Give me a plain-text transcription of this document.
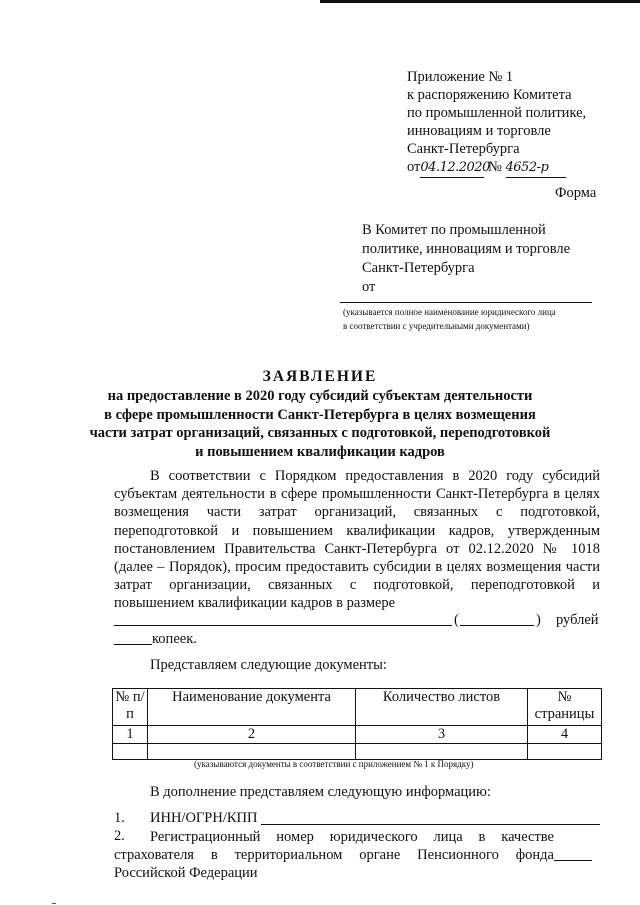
Приложение № 1
к распоряжению Комитета
по промышленной политике,
инновациям и торговле
Санкт-Петербурга
от04.12.2020 № 4652-р
Форма
В Комитет по промышленной
политике, инновациям и торговле
Санкт-Петербурга
от
(указывается полное наименование юридического лица
в соответствии с учредительными документами)
ЗАЯВЛЕНИЕ
на предоставление в 2020 году субсидий субъектам деятельности
в сфере промышленности Санкт-Петербурга в целях возмещения
части затрат организаций, связанных с подготовкой, переподготовкой
и повышением квалификации кадров
В соответствии с Порядком предоставления в 2020 году субсидий субъектам деятельности в сфере промышленности Санкт-Петербурга в целях возмещения части затрат организаций, связанных с подготовкой, переподготовкой и повышением квалификации кадров, утвержденным постановлением Правительства Санкт-Петербурга от 02.12.2020 № 1018 (далее – Порядок), просим предоставить субсидии в целях возмещения части затрат организации, связанных с подготовкой, переподготовкой и повышением квалификации кадров в размере
(	) рублей
копеек.
Представляем следующие документы:
№ п/п	Наименование документа	Количество листов	№ страницы
1	2	3	4

(указываются документы в соответствии с приложением № 1 к Порядку)
В дополнение представляем следующую информацию:
1. ИНН/ОГРН/КПП
2.	Регистрационный номер юридического лица в качестве страхователя в территориальном органе Пенсионного фонда Российской Федерации
